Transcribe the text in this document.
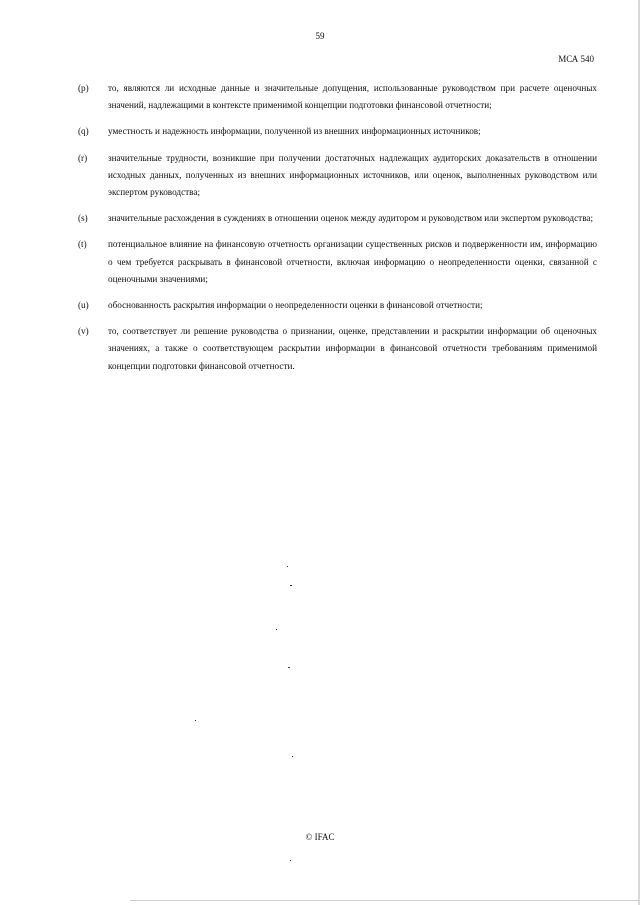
59
МСА 540
(p)	то, являются ли исходные данные и значительные допущения, использованные руководством при расчете оценочных значений, надлежащими в контексте применимой концепции подготовки финансовой отчетности;
(q)	уместность и надежность информации, полученной из внешних информационных источников;
(r)	значительные трудности, возникшие при получении достаточных надлежащих аудиторских доказательств в отношении исходных данных, полученных из внешних информационных источников, или оценок, выполненных руководством или экспертом руководства;
(s)	значительные расхождения в суждениях в отношении оценок между аудитором и руководством или экспертом руководства;
(t)	потенциальное влияние на финансовую отчетность организации существенных рисков и подверженности им, информацию о чем требуется раскрывать в финансовой отчетности, включая информацию о неопределенности оценки, связанной с оценочными значениями;
(u)	обоснованность раскрытия информации о неопределенности оценки в финансовой отчетности;
(v)	то, соответствует ли решение руководства о признании, оценке, представлении и раскрытии информации об оценочных значениях, а также о соответствующем раскрытии информации в финансовой отчетности требованиям применимой концепции подготовки финансовой отчетности.
© IFAC
